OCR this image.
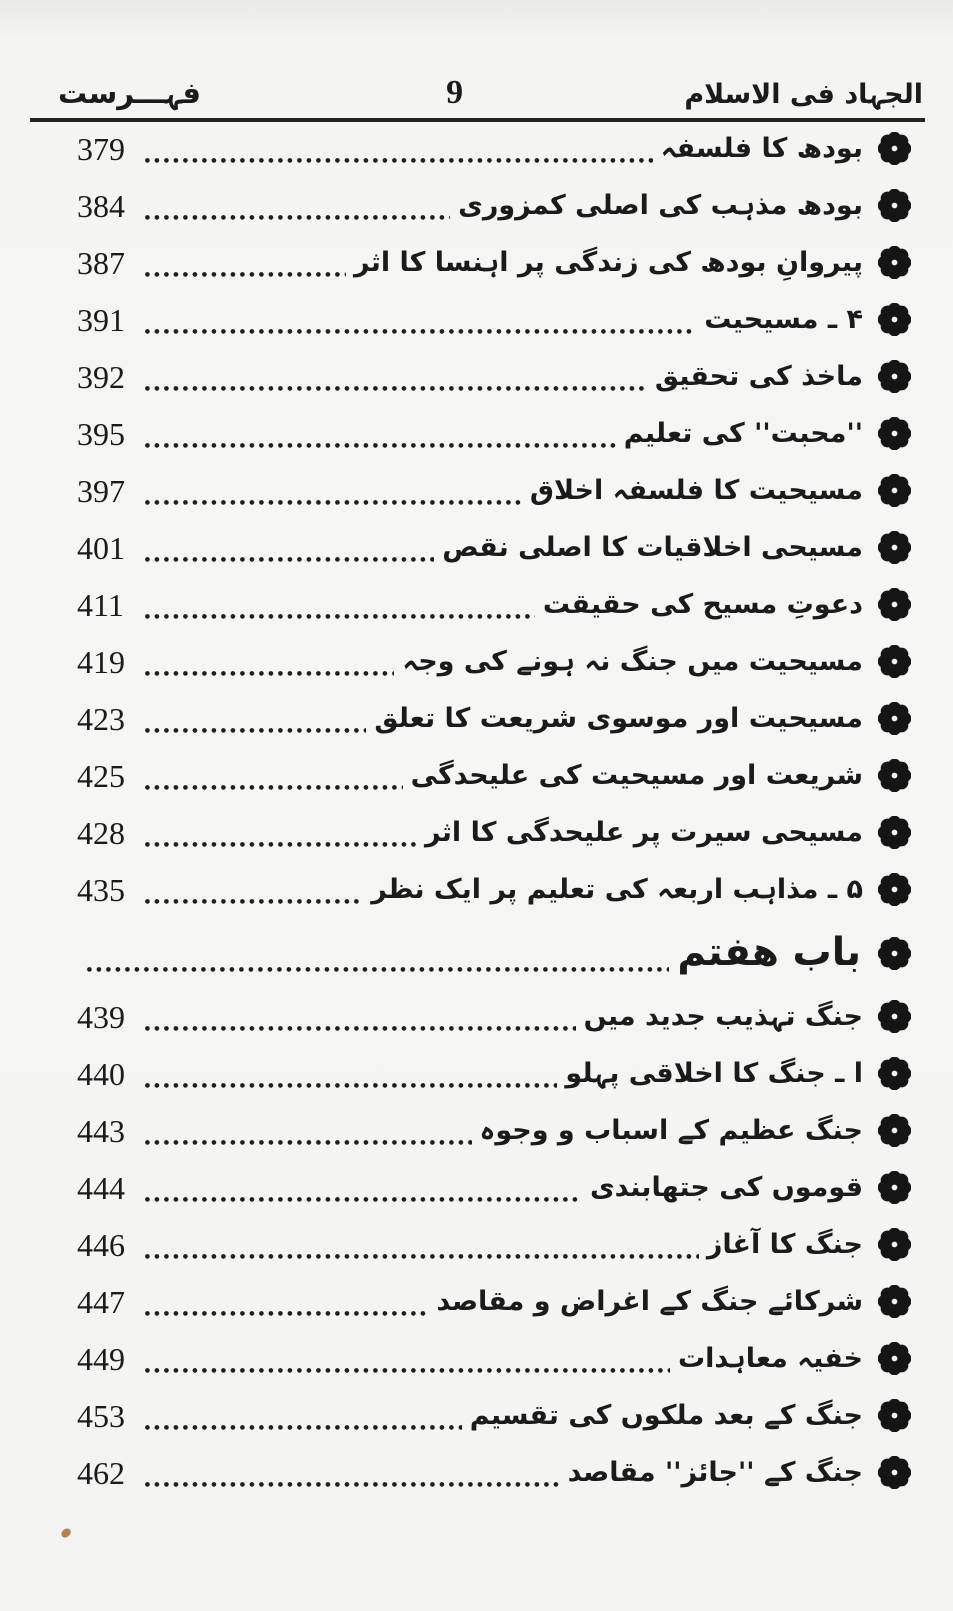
الجہاد فی الاسلام
9
فہـــرست
بودھ کا فلسفہ
379
بودھ مذہب کی اصلی کمزوری
384
پیروانِ بودھ کی زندگی پر اہنسا کا اثر
387
۴ ـ مسیحیت
391
ماخذ کی تحقیق
392
''محبت'' کی تعلیم
395
مسیحیت کا فلسفہ اخلاق
397
مسیحی اخلاقیات کا اصلی نقص
401
دعوتِ مسیح کی حقیقت
411
مسیحیت میں جنگ نہ ہونے کی وجہ
419
مسیحیت اور موسوی شریعت کا تعلق
423
شریعت اور مسیحیت کی علیحدگی
425
مسیحی سیرت پر علیحدگی کا اثر
428
۵ ـ مذاہب اربعہ کی تعلیم پر ایک نظر
435
باب ھفتم
جنگ تہذیب جدید میں
439
ا ـ جنگ کا اخلاقی پہلو
440
جنگ عظیم کے اسباب و وجوہ
443
قوموں کی جتھابندی
444
جنگ کا آغاز
446
شرکائے جنگ کے اغراض و مقاصد
447
خفیہ معاہدات
449
جنگ کے بعد ملکوں کی تقسیم
453
جنگ کے ''جائز'' مقاصد
462
